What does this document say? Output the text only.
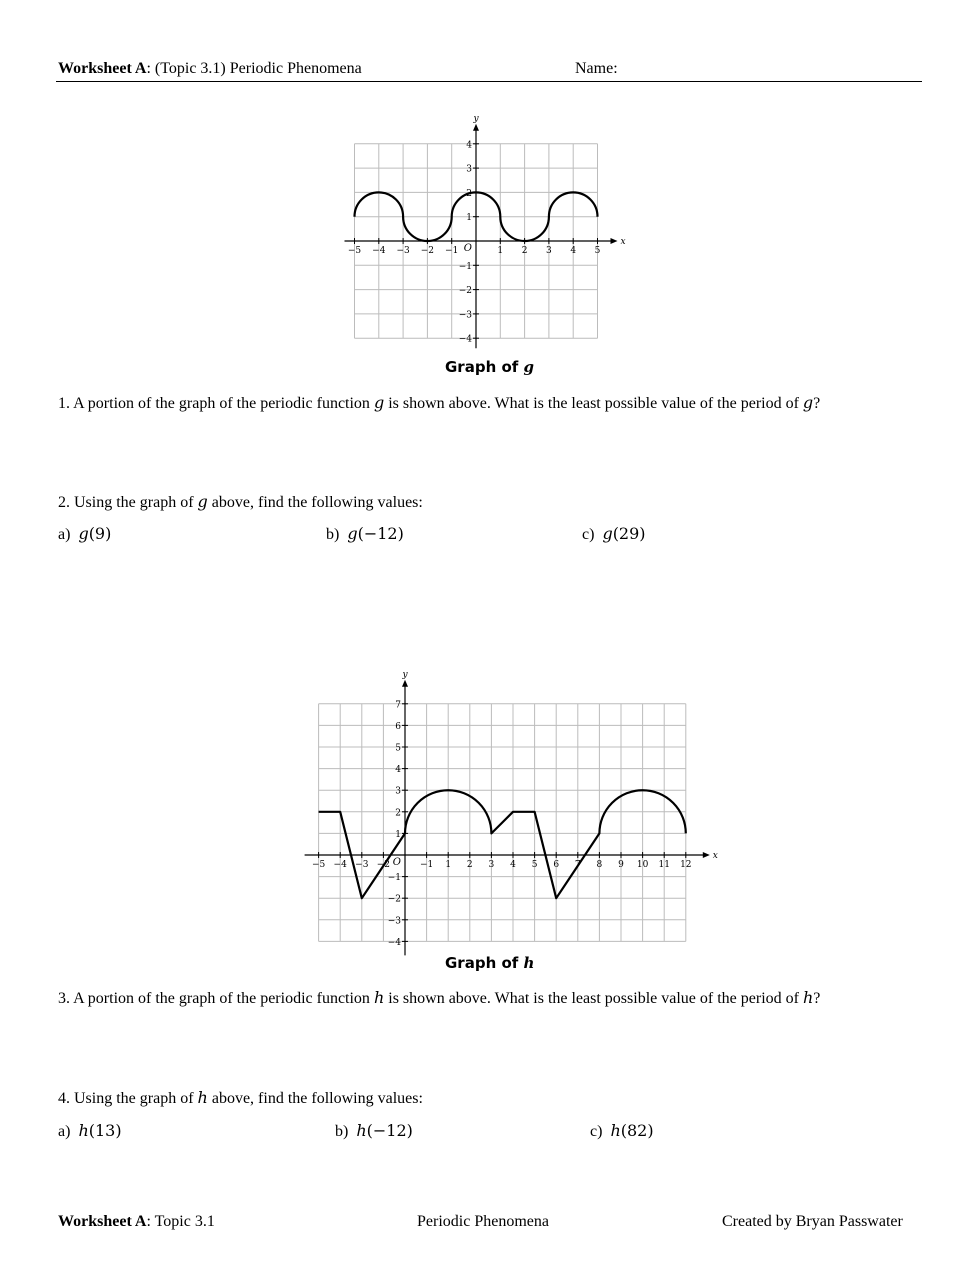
Worksheet A: (Topic 3.1) Periodic Phenomena	Name:
−5 −4 −3 −2 −1	1 2 3 4 5
4
3
2
1
−1
−2
−3
−4
O
x
y
Graph of g
1. A portion of the graph of the periodic function g is shown above. What is the least possible value of the period of g?
2. Using the graph of g above, find the following values:
a) g(9)	b) g(−12)	c) g(29)
−5 −4 −3 −2	−1 1 2 3 4 5 6 7 8 9 10 11 12
7
6
5
4
3
2
1
−1
−2
−3
−4
O
x
y
Graph of h
3. A portion of the graph of the periodic function h is shown above. What is the least possible value of the period of h?
4. Using the graph of h above, find the following values:
a) h(13)	b) h(−12)	c) h(82)
Worksheet A: Topic 3.1	Periodic Phenomena	Created by Bryan Passwater
